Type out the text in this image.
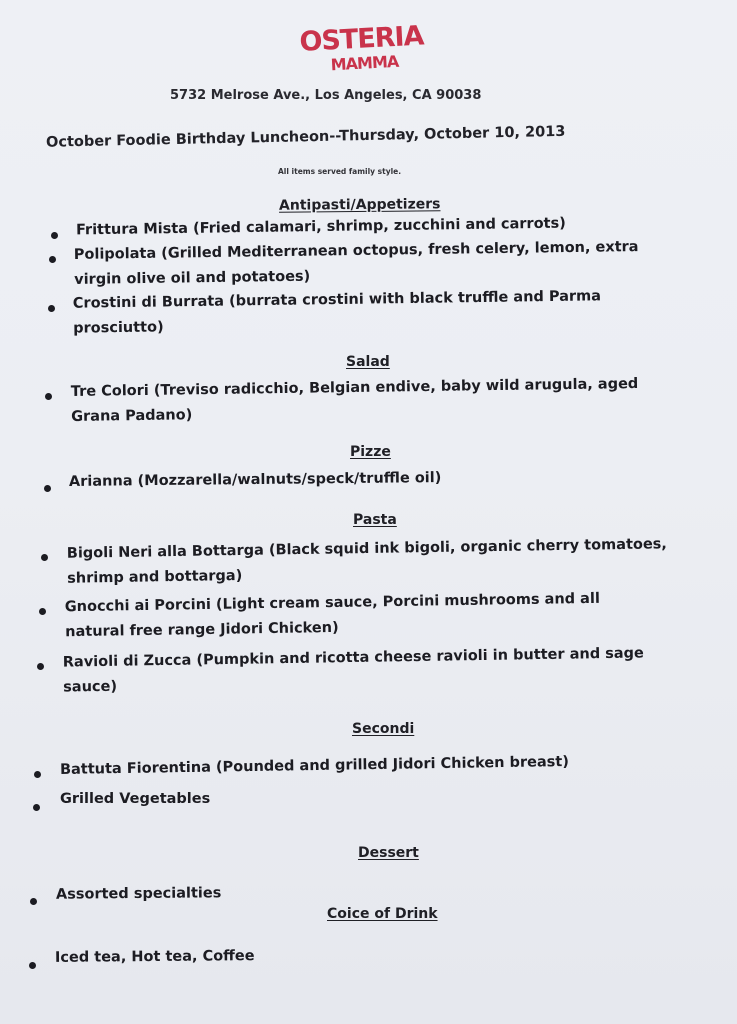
OSTERIA
MAMMA
5732 Melrose Ave., Los Angeles, CA 90038
October Foodie Birthday Luncheon--Thursday, October 10, 2013
All items served family style.
Antipasti/Appetizers
Frittura Mista (Fried calamari, shrimp, zucchini and carrots)
Polipolata (Grilled Mediterranean octopus, fresh celery, lemon, extra
virgin olive oil and potatoes)
Crostini di Burrata (burrata crostini with black truffle and Parma
prosciutto)
Salad
Tre Colori (Treviso radicchio, Belgian endive, baby wild arugula, aged
Grana Padano)
Pizze
Arianna (Mozzarella/walnuts/speck/truffle oil)
Pasta
Bigoli Neri alla Bottarga (Black squid ink bigoli, organic cherry tomatoes,
shrimp and bottarga)
Gnocchi ai Porcini (Light cream sauce, Porcini mushrooms and all
natural free range Jidori Chicken)
Ravioli di Zucca (Pumpkin and ricotta cheese ravioli in butter and sage
sauce)
Secondi
Battuta Fiorentina (Pounded and grilled Jidori Chicken breast)
Grilled Vegetables
Dessert
Assorted specialties
Coice of Drink
Iced tea, Hot tea, Coffee
